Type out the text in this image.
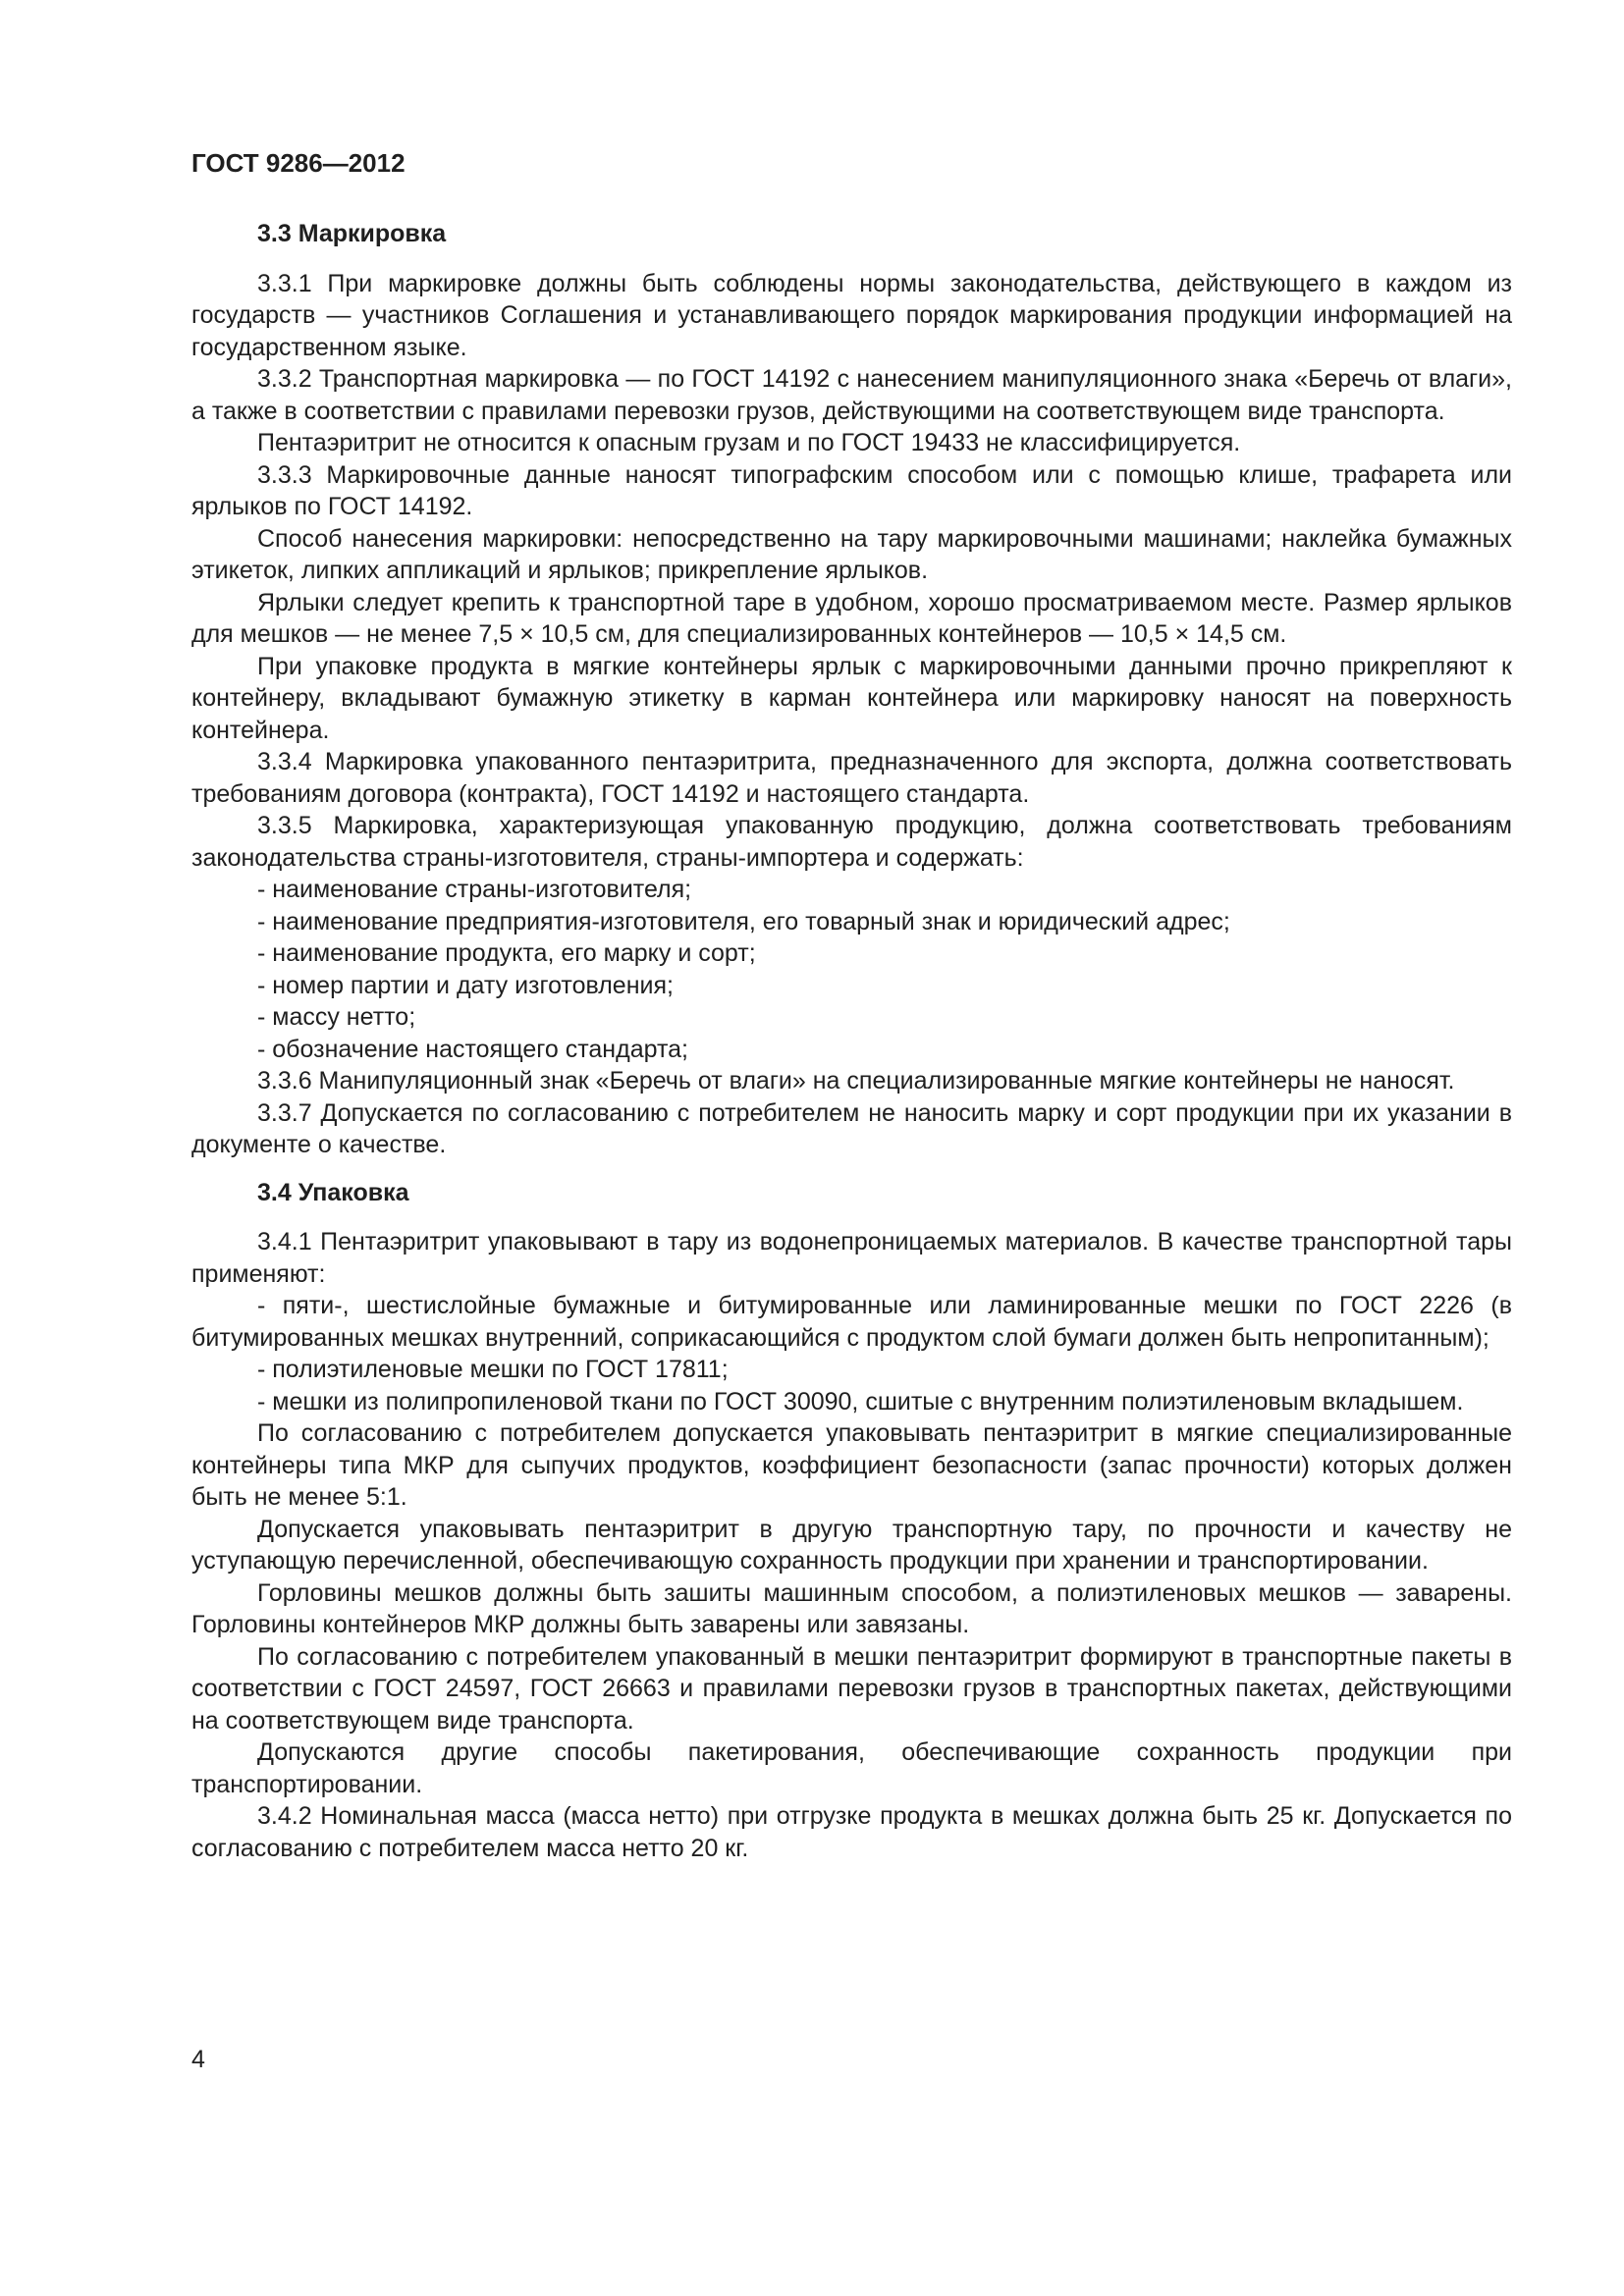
ГОСТ 9286—2012
3.3 Маркировка

3.3.1 При маркировке должны быть соблюдены нормы законодательства, действующего в каждом из государств — участников Соглашения и устанавливающего порядок маркирования продукции информацией на государственном языке.

3.3.2 Транспортная маркировка — по ГОСТ 14192 с нанесением манипуляционного знака «Беречь от влаги», а также в соответствии с правилами перевозки грузов, действующими на соответствующем виде транспорта.

Пентаэритрит не относится к опасным грузам и по ГОСТ 19433 не классифицируется.

3.3.3 Маркировочные данные наносят типографским способом или с помощью клише, трафарета или ярлыков по ГОСТ 14192.

Способ нанесения маркировки: непосредственно на тару маркировочными машинами; наклейка бумажных этикеток, липких аппликаций и ярлыков; прикрепление ярлыков.

Ярлыки следует крепить к транспортной таре в удобном, хорошо просматриваемом месте. Размер ярлыков для мешков — не менее 7,5 × 10,5 см, для специализированных контейнеров — 10,5 × 14,5 см.

При упаковке продукта в мягкие контейнеры ярлык с маркировочными данными прочно прикрепляют к контейнеру, вкладывают бумажную этикетку в карман контейнера или маркировку наносят на поверхность контейнера.

3.3.4 Маркировка упакованного пентаэритрита, предназначенного для экспорта, должна соответствовать требованиям договора (контракта), ГОСТ 14192 и настоящего стандарта.

3.3.5 Маркировка, характеризующая упакованную продукцию, должна соответствовать требованиям законодательства страны-изготовителя, страны-импортера и содержать:

- наименование страны-изготовителя;

- наименование предприятия-изготовителя, его товарный знак и юридический адрес;

- наименование продукта, его марку и сорт;

- номер партии и дату изготовления;

- массу нетто;

- обозначение настоящего стандарта;

3.3.6 Манипуляционный знак «Беречь от влаги» на специализированные мягкие контейнеры не наносят.

3.3.7 Допускается по согласованию с потребителем не наносить марку и сорт продукции при их указании в документе о качестве.

3.4 Упаковка

3.4.1 Пентаэритрит упаковывают в тару из водонепроницаемых материалов. В качестве транспортной тары применяют:

- пяти-, шестислойные бумажные и битумированные или ламинированные мешки по ГОСТ 2226 (в битумированных мешках внутренний, соприкасающийся с продуктом слой бумаги должен быть непропитанным);

- полиэтиленовые мешки по ГОСТ 17811;

- мешки из полипропиленовой ткани по ГОСТ 30090, сшитые с внутренним полиэтиленовым вкладышем.

По согласованию с потребителем допускается упаковывать пентаэритрит в мягкие специализированные контейнеры типа МКР для сыпучих продуктов, коэффициент безопасности (запас прочности) которых должен быть не менее 5:1.

Допускается упаковывать пентаэритрит в другую транспортную тару, по прочности и качеству не уступающую перечисленной, обеспечивающую сохранность продукции при хранении и транспортировании.

Горловины мешков должны быть зашиты машинным способом, а полиэтиленовых мешков — заварены. Горловины контейнеров МКР должны быть заварены или завязаны.

По согласованию с потребителем упакованный в мешки пентаэритрит формируют в транспортные пакеты в соответствии с ГОСТ 24597, ГОСТ 26663 и правилами перевозки грузов в транспортных пакетах, действующими на соответствующем виде транспорта.

Допускаются другие способы пакетирования, обеспечивающие сохранность продукции при транспортировании.

3.4.2 Номинальная масса (масса нетто) при отгрузке продукта в мешках должна быть 25 кг. Допускается по согласованию с потребителем масса нетто 20 кг.

4
